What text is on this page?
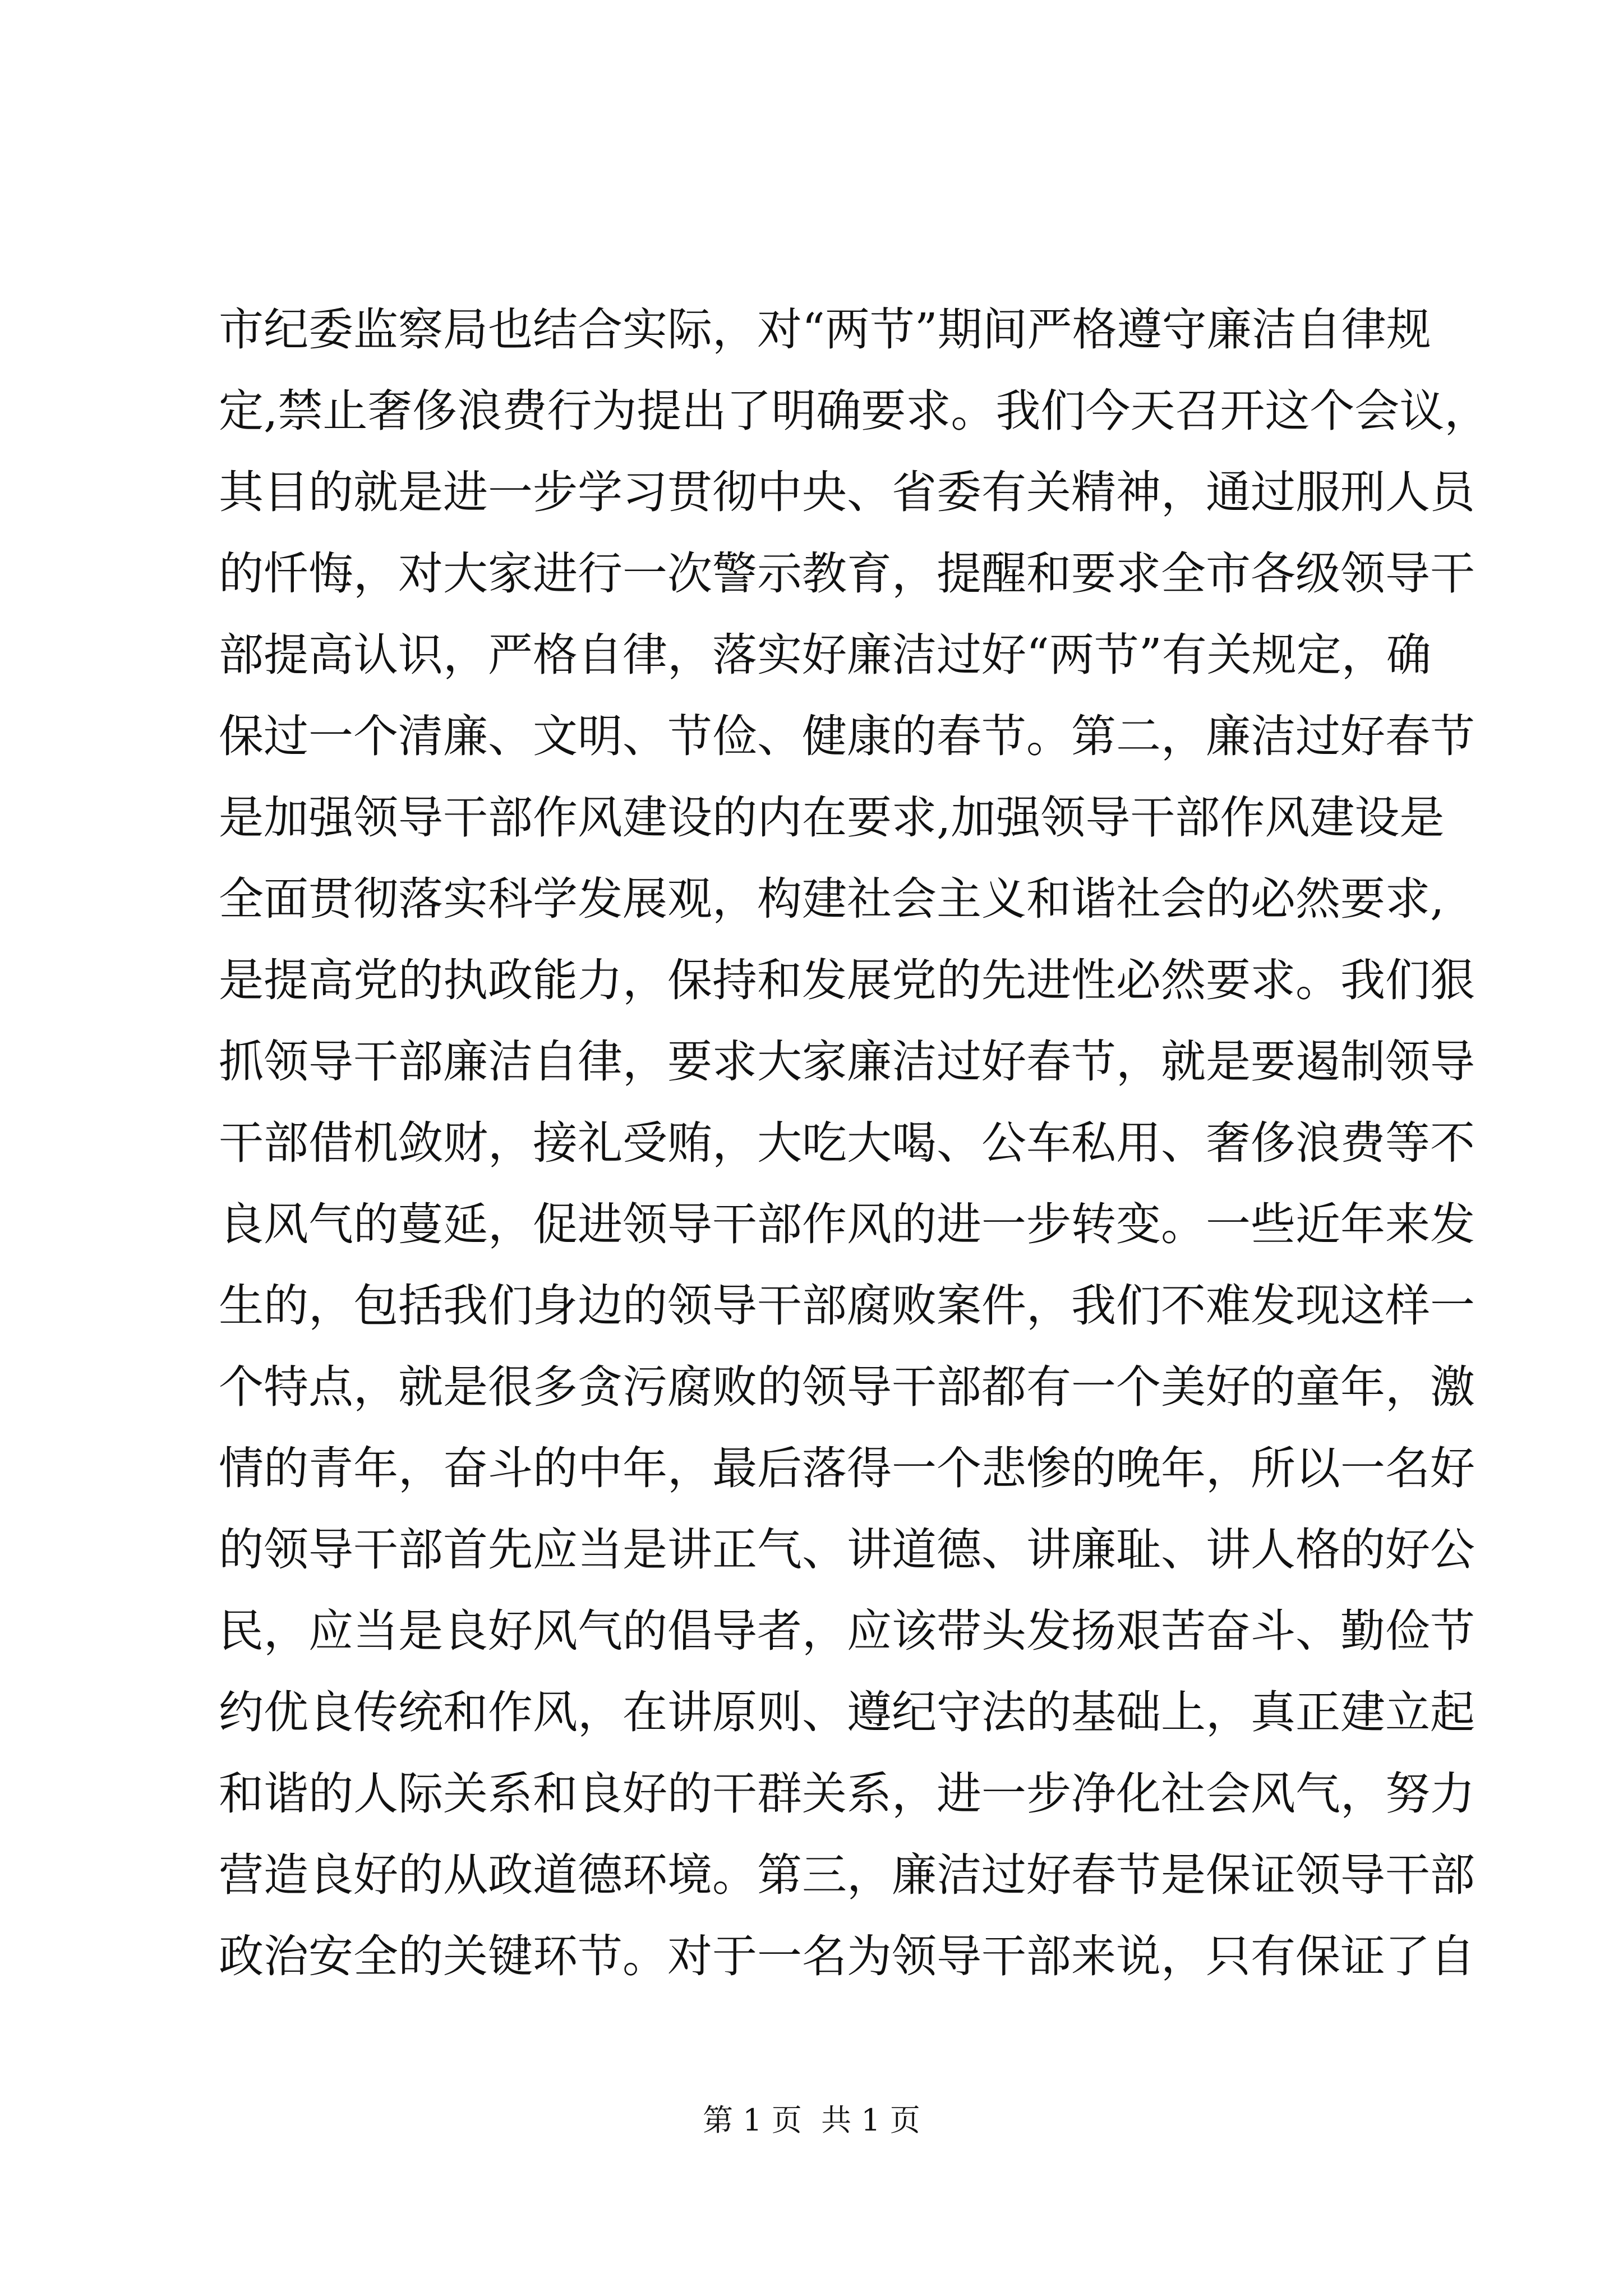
市纪委监察局也结合实际，对“两节”期间严格遵守廉洁自律规
定,禁止奢侈浪费行为提出了明确要求。我们今天召开这个会议，
其目的就是进一步学习贯彻中央、省委有关精神，通过服刑人员
的忏悔，对大家进行一次警示教育，提醒和要求全市各级领导干
部提高认识，严格自律，落实好廉洁过好“两节”有关规定，确
保过一个清廉、文明、节俭、健康的春节。第二，廉洁过好春节
是加强领导干部作风建设的内在要求,加强领导干部作风建设是
全面贯彻落实科学发展观，构建社会主义和谐社会的必然要求,
是提高党的执政能力，保持和发展党的先进性必然要求。我们狠
抓领导干部廉洁自律，要求大家廉洁过好春节，就是要遏制领导
干部借机敛财，接礼受贿，大吃大喝、公车私用、奢侈浪费等不
良风气的蔓延，促进领导干部作风的进一步转变。一些近年来发
生的，包括我们身边的领导干部腐败案件，我们不难发现这样一
个特点，就是很多贪污腐败的领导干部都有一个美好的童年，激
情的青年，奋斗的中年，最后落得一个悲惨的晚年，所以一名好
的领导干部首先应当是讲正气、讲道德、讲廉耻、讲人格的好公
民，应当是良好风气的倡导者，应该带头发扬艰苦奋斗、勤俭节
约优良传统和作风，在讲原则、遵纪守法的基础上，真正建立起
和谐的人际关系和良好的干群关系，进一步净化社会风气，努力
营造良好的从政道德环境。第三，廉洁过好春节是保证领导干部
政治安全的关键环节。对于一名为领导干部来说，只有保证了自
第 1 页  共 1 页
